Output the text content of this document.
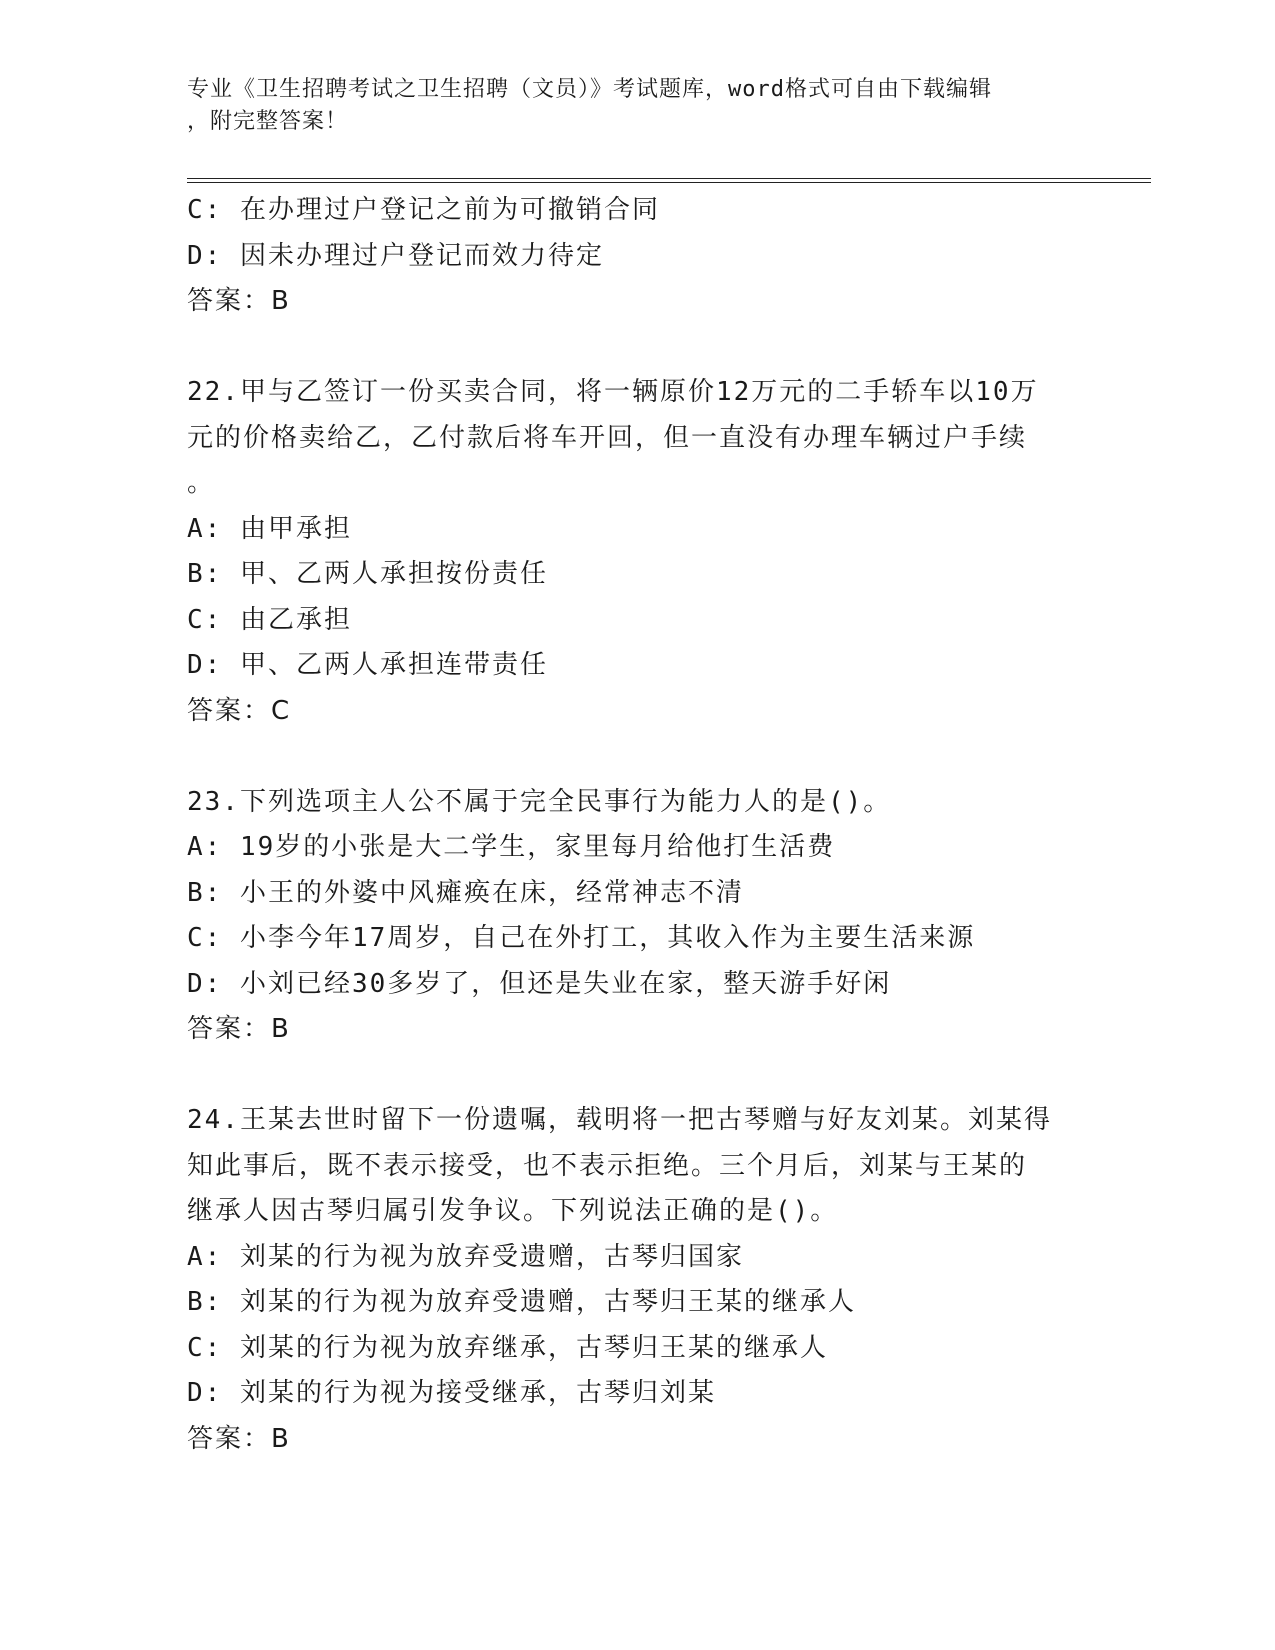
专业《卫生招聘考试之卫生招聘（文员）》考试题库，word格式可自由下载编辑
，附完整答案！
C: 在办理过户登记之前为可撤销合同
D: 因未办理过户登记而效力待定
答案：B
22.甲与乙签订一份买卖合同，将一辆原价12万元的二手轿车以10万
元的价格卖给乙，乙付款后将车开回，但一直没有办理车辆过户手续
。
A: 由甲承担
B: 甲、乙两人承担按份责任
C: 由乙承担
D: 甲、乙两人承担连带责任
答案：C
23.下列选项主人公不属于完全民事行为能力人的是()。
A: 19岁的小张是大二学生，家里每月给他打生活费
B: 小王的外婆中风瘫痪在床，经常神志不清
C: 小李今年17周岁，自己在外打工，其收入作为主要生活来源
D: 小刘已经30多岁了，但还是失业在家，整天游手好闲
答案：B
24.王某去世时留下一份遗嘱，载明将一把古琴赠与好友刘某。刘某得
知此事后，既不表示接受，也不表示拒绝。三个月后，刘某与王某的
继承人因古琴归属引发争议。下列说法正确的是()。
A: 刘某的行为视为放弃受遗赠，古琴归国家
B: 刘某的行为视为放弃受遗赠，古琴归王某的继承人
C: 刘某的行为视为放弃继承，古琴归王某的继承人
D: 刘某的行为视为接受继承，古琴归刘某
答案：B
